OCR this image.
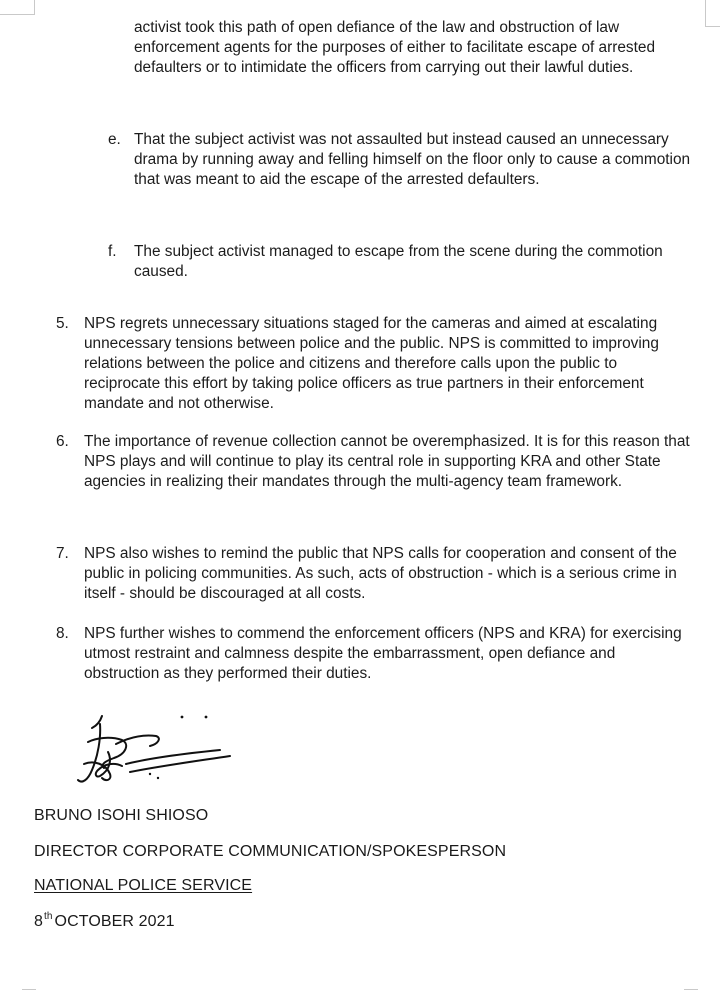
activist took this path of open defiance of the law and obstruction of law enforcement agents for the purposes of either to facilitate escape of arrested defaulters or to intimidate the officers from carrying out their lawful duties.

e. That the subject activist was not assaulted but instead caused an unnecessary drama by running away and felling himself on the floor only to cause a commotion that was meant to aid the escape of the arrested defaulters.
f. The subject activist managed to escape from the scene during the commotion caused.
5. NPS regrets unnecessary situations staged for the cameras and aimed at escalating unnecessary tensions between police and the public. NPS is committed to improving relations between the police and citizens and therefore calls upon the public to reciprocate this effort by taking police officers as true partners in their enforcement mandate and not otherwise.
6. The importance of revenue collection cannot be overemphasized. It is for this reason that NPS plays and will continue to play its central role in supporting KRA and other State agencies in realizing their mandates through the multi-agency team framework.
7. NPS also wishes to remind the public that NPS calls for cooperation and consent of the public in policing communities. As such, acts of obstruction - which is a serious crime in itself - should be discouraged at all costs.
8. NPS further wishes to commend the enforcement officers (NPS and KRA) for exercising utmost restraint and calmness despite the embarrassment, open defiance and obstruction as they performed their duties.
BRUNO ISOHI SHIOSO
DIRECTOR CORPORATE COMMUNICATION/SPOKESPERSON
NATIONAL POLICE SERVICE
8th OCTOBER 2021
